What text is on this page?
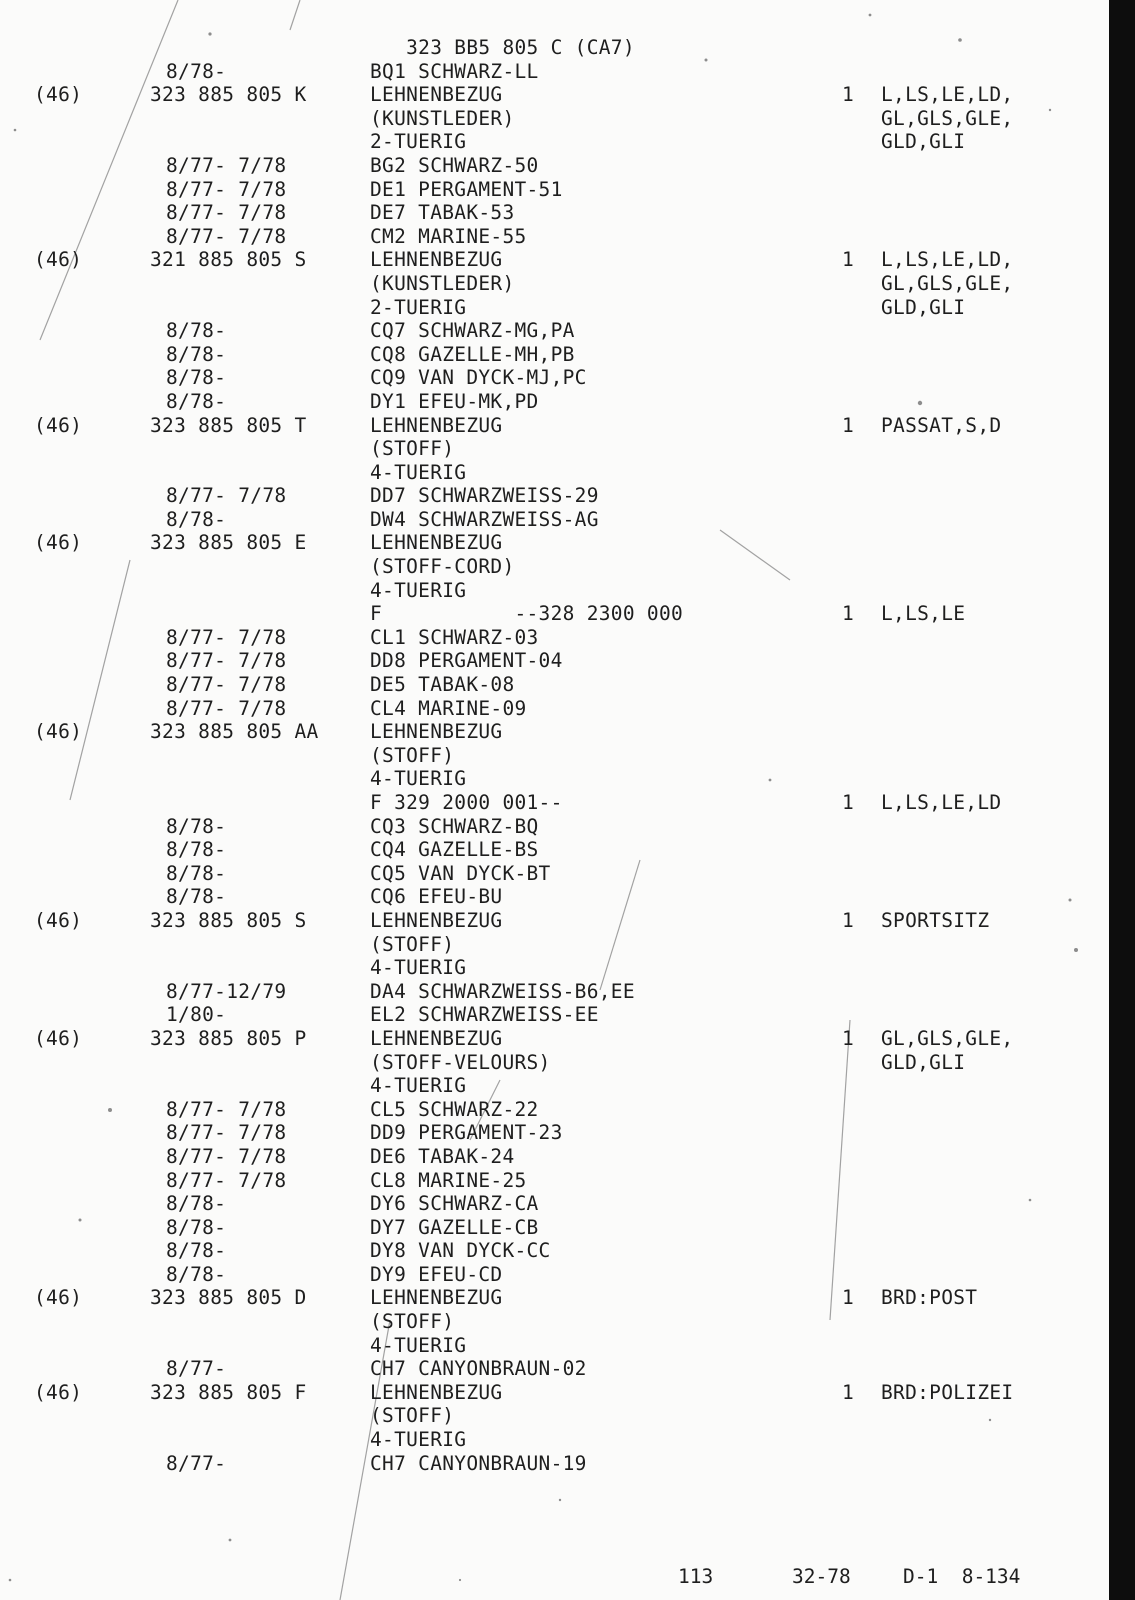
323 BB5 805 C (CA7)
8/78-	BQ1 SCHWARZ-LL
(46)	323 885 805 K	LEHNENBEZUG	1 L,LS,LE,LD,
(KUNSTLEDER)	GL,GLS,GLE,
2-TUERIG	GLD,GLI
8/77- 7/78	BG2 SCHWARZ-50
8/77- 7/78	DE1 PERGAMENT-51
8/77- 7/78	DE7 TABAK-53
8/77- 7/78	CM2 MARINE-55
(46)	321 885 805 S	LEHNENBEZUG	1 L,LS,LE,LD,
(KUNSTLEDER)	GL,GLS,GLE,
2-TUERIG	GLD,GLI
8/78-	CQ7 SCHWARZ-MG,PA
8/78-	CQ8 GAZELLE-MH,PB
8/78-	CQ9 VAN DYCK-MJ,PC
8/78-	DY1 EFEU-MK,PD
(46)	323 885 805 T	LEHNENBEZUG	1 PASSAT,S,D
(STOFF)
4-TUERIG
8/77- 7/78	DD7 SCHWARZWEISS-29
8/78-	DW4 SCHWARZWEISS-AG
(46)	323 885 805 E	LEHNENBEZUG
(STOFF-CORD)
4-TUERIG
F           --328 2300 000	1 L,LS,LE
8/77- 7/78	CL1 SCHWARZ-03
8/77- 7/78	DD8 PERGAMENT-04
8/77- 7/78	DE5 TABAK-08
8/77- 7/78	CL4 MARINE-09
(46)	323 885 805 AA	LEHNENBEZUG
(STOFF)
4-TUERIG
F 329 2000 001--	1 L,LS,LE,LD
8/78-	CQ3 SCHWARZ-BQ
8/78-	CQ4 GAZELLE-BS
8/78-	CQ5 VAN DYCK-BT
8/78-	CQ6 EFEU-BU
(46)	323 885 805 S	LEHNENBEZUG	1 SPORTSITZ
(STOFF)
4-TUERIG
8/77-12/79	DA4 SCHWARZWEISS-B6,EE
1/80-	EL2 SCHWARZWEISS-EE
(46)	323 885 805 P	LEHNENBEZUG	1 GL,GLS,GLE,
(STOFF-VELOURS)	GLD,GLI
4-TUERIG
8/77- 7/78	CL5 SCHWARZ-22
8/77- 7/78	DD9 PERGAMENT-23
8/77- 7/78	DE6 TABAK-24
8/77- 7/78	CL8 MARINE-25
8/78-	DY6 SCHWARZ-CA
8/78-	DY7 GAZELLE-CB
8/78-	DY8 VAN DYCK-CC
8/78-	DY9 EFEU-CD
(46)	323 885 805 D	LEHNENBEZUG	1 BRD:POST
(STOFF)
4-TUERIG
8/77-	CH7 CANYONBRAUN-02
(46)	323 885 805 F	LEHNENBEZUG	1 BRD:POLIZEI
(STOFF)
4-TUERIG
8/77-	CH7 CANYONBRAUN-19
113	32-78	D-1  8-134
